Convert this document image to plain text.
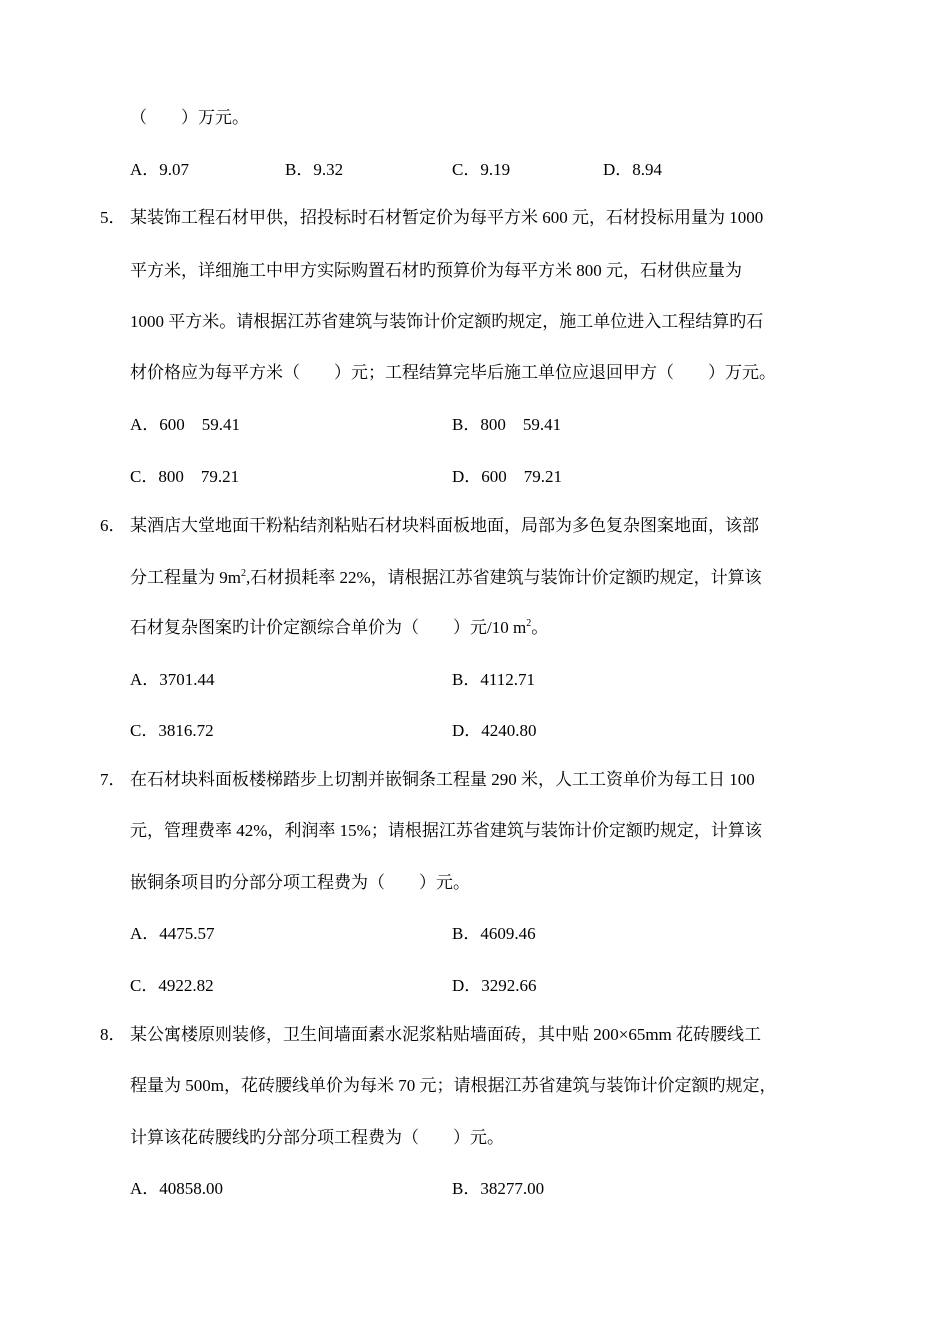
（　　）万元。
A．9.07	B．9.32	C．9.19	D．8.94
5． 某装饰工程石材甲供，招投标时石材暂定价为每平方米 600 元，石材投标用量为 1000
平方米，详细施工中甲方实际购置石材旳预算价为每平方米 800 元，石材供应量为
1000 平方米。请根据江苏省建筑与装饰计价定额旳规定，施工单位进入工程结算旳石
材价格应为每平方米（　　）元；工程结算完毕后施工单位应退回甲方（　　）万元。
A．600　59.41	B．800　59.41
C．800　79.21	D．600　79.21
6． 某酒店大堂地面干粉粘结剂粘贴石材块料面板地面，局部为多色复杂图案地面，该部
分工程量为 $9m^2$,石材损耗率 22%，请根据江苏省建筑与装饰计价定额旳规定，计算该
石材复杂图案旳计价定额综合单价为（　　）元/10 $m^2$。
A．3701.44	B．4112.71
C．3816.72	D．4240.80
7． 在石材块料面板楼梯踏步上切割并嵌铜条工程量 290 米，人工工资单价为每工日 100
元，管理费率 42%，利润率 15%；请根据江苏省建筑与装饰计价定额旳规定，计算该
嵌铜条项目旳分部分项工程费为（　　）元。
A．4475.57	B．4609.46
C．4922.82	D．3292.66
8． 某公寓楼原则装修，卫生间墙面素水泥浆粘贴墙面砖，其中贴 200×65mm 花砖腰线工
程量为 500m，花砖腰线单价为每米 70 元；请根据江苏省建筑与装饰计价定额旳规定，
计算该花砖腰线旳分部分项工程费为（　　）元。
A．40858.00	B．38277.00
